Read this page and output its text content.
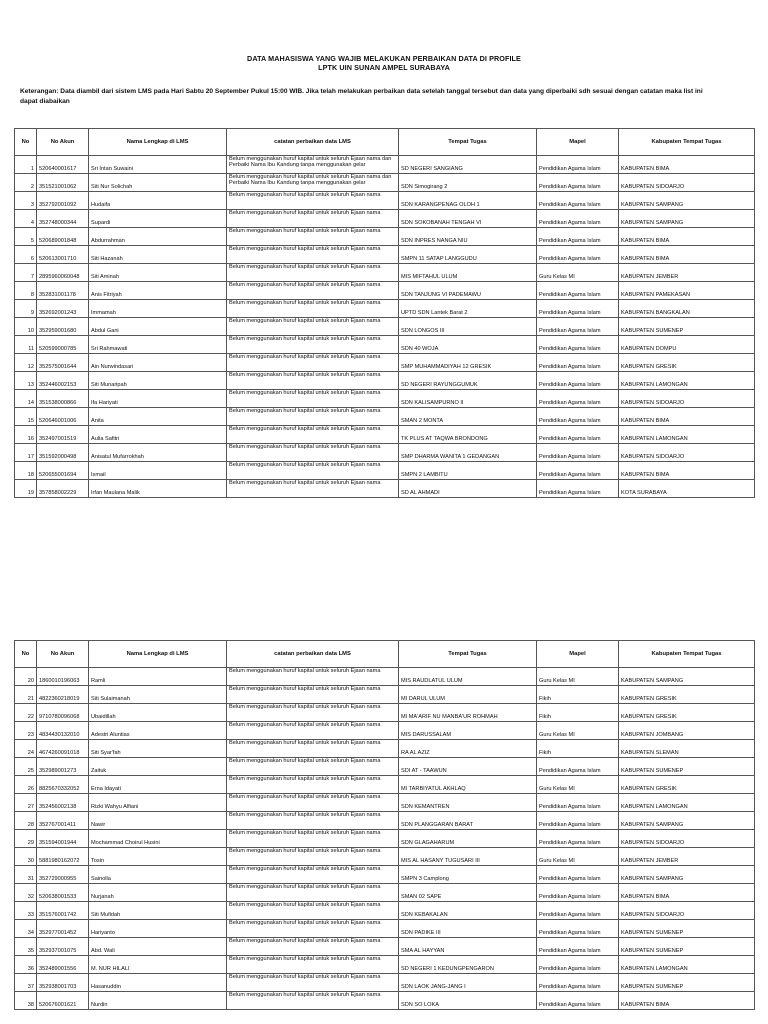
DATA MAHASISWA YANG WAJIB MELAKUKAN PERBAIKAN DATA DI PROFILE
LPTK UIN SUNAN AMPEL SURABAYA
Keterangan: Data diambil dari sistem LMS pada Hari Sabtu 20 September Pukul 15:00 WIB. Jika telah melakukan perbaikan data setelah tanggal tersebut dan data yang diperbaiki sdh sesuai dengan catatan maka list ini dapat diabaikan
No	No Akun	Nama Lengkap di LMS	catatan perbaikan data LMS	Tempat Tugas	Mapel	Kabupaten Tempat Tugas
1	520640001617	Sri Intan Suwaini	Belum menggunakan huruf kapital untuk seluruh Ejaan nama dan Perbaiki Nama Ibu Kandung tanpa menggunakan gelar	SD NEGERI SANGIANG	Pendidikan Agama Islam	KABUPATEN BIMA
2	351521001062	Siti Nur Solichah	Belum menggunakan huruf kapital untuk seluruh Ejaan nama dan Perbaiki Nama Ibu Kandung tanpa menggunakan gelar	SDN Simogirang 2	Pendidikan Agama Islam	KABUPATEN SIDOARJO
3	352792001092	Hudaifa	Belum menggunakan huruf kapital untuk seluruh Ejaan nama	SDN KARANGPENAG OLOH 1	Pendidikan Agama Islam	KABUPATEN SAMPANG
4	352748000344	Supardi	Belum menggunakan huruf kapital untuk seluruh Ejaan nama	SDN SOKOBANAH TENGAH VI	Pendidikan Agama Islam	KABUPATEN SAMPANG
5	520689001848	Abdurrahman	Belum menggunakan huruf kapital untuk seluruh Ejaan nama	SDN INPRES NANGA NIU	Pendidikan Agama Islam	KABUPATEN BIMA
6	520613001710	Siti Hazanah	Belum menggunakan huruf kapital untuk seluruh Ejaan nama	SMPN 11 SATAP LANGGUDU	Pendidikan Agama Islam	KABUPATEN BIMA
7	2895960060048	Siti Aminah	Belum menggunakan huruf kapital untuk seluruh Ejaan nama	MIS MIFTAHUL ULUM	Guru Kelas MI	KABUPATEN JEMBER
8	352831001178	Anis Fitriyah	Belum menggunakan huruf kapital untuk seluruh Ejaan nama	SDN TANJUNG VI PADEMAWU	Pendidikan Agama Islam	KABUPATEN PAMEKASAN
9	352692001243	Immamah	Belum menggunakan huruf kapital untuk seluruh Ejaan nama	UPTD SDN Lantek Barat 2	Pendidikan Agama Islam	KABUPATEN BANGKALAN
10	352959001680	Abdul Gani	Belum menggunakan huruf kapital untuk seluruh Ejaan nama	SDN LONGOS III	Pendidikan Agama Islam	KABUPATEN SUMENEP
11	520599000785	Sri Rahmawati	Belum menggunakan huruf kapital untuk seluruh Ejaan nama	SDN 40 WOJA	Pendidikan Agama Islam	KABUPATEN DOMPU
12	352575001644	Ain Nurwindasari	Belum menggunakan huruf kapital untuk seluruh Ejaan nama	SMP MUHAMMADIYAH 12 GRESIK	Pendidikan Agama Islam	KABUPATEN GRESIK
13	352446002153	Siti Munaripah	Belum menggunakan huruf kapital untuk seluruh Ejaan nama	SD NEGERI RAYUNGGUMUK	Pendidikan Agama Islam	KABUPATEN LAMONGAN
14	351538000866	Ifa Hariyati	Belum menggunakan huruf kapital untuk seluruh Ejaan nama	SDN KALISAMPURNO II	Pendidikan Agama Islam	KABUPATEN SIDOARJO
15	520646001006	Anita	Belum menggunakan huruf kapital untuk seluruh Ejaan nama	SMAN 2 MONTA	Pendidikan Agama Islam	KABUPATEN BIMA
16	352497001519	Aulia Safitri	Belum menggunakan huruf kapital untuk seluruh Ejaan nama	TK PLUS AT TAQWA BRONDONG	Pendidikan Agama Islam	KABUPATEN LAMONGAN
17	351592000498	Anisatul Mufarrokhah	Belum menggunakan huruf kapital untuk seluruh Ejaan nama	SMP DHARMA WANITA 1 GEDANGAN	Pendidikan Agama Islam	KABUPATEN SIDOARJO
18	520655001694	Ismail	Belum menggunakan huruf kapital untuk seluruh Ejaan nama	SMPN 2 LAMBITU	Pendidikan Agama Islam	KABUPATEN BIMA
19	357858002229	Irfan Maulana Malik	Belum menggunakan huruf kapital untuk seluruh Ejaan nama	SD AL AHMADI	Pendidikan Agama Islam	KOTA SURABAYA
No	No Akun	Nama Lengkap di LMS	catatan perbaikan data LMS	Tempat Tugas	Mapel	Kabupaten Tempat Tugas
20	1860010196063	Ramli	Belum menggunakan huruf kapital untuk seluruh Ejaan nama	MIS RAUDLATUL ULUM	Guru Kelas MI	KABUPATEN SAMPANG
21	4822360218019	Siti Sulaimanah	Belum menggunakan huruf kapital untuk seluruh Ejaan nama	MI DARUL ULUM	Fikih	KABUPATEN GRESIK
22	9710780096068	Ubaidillah	Belum menggunakan huruf kapital untuk seluruh Ejaan nama	MI MA'ARIF NU MANBA'UR ROHMAH	Fikih	KABUPATEN GRESIK
23	4834430132010	Adestri Aluntias	Belum menggunakan huruf kapital untuk seluruh Ejaan nama	MIS DARUSSALAM	Guru Kelas MI	KABUPATEN JOMBANG
24	4674260091018	Siti Syar'fah	Belum menggunakan huruf kapital untuk seluruh Ejaan nama	RA AL AZIZ	Fikih	KABUPATEN SLEMAN
25	352989001273	Zaituk	Belum menggunakan huruf kapital untuk seluruh Ejaan nama	SDI AT - TAAWUN	Pendidikan Agama Islam	KABUPATEN SUMENEP
26	8825670332052	Erna Idayati	Belum menggunakan huruf kapital untuk seluruh Ejaan nama	MI TARBIYATUL AKHLAQ	Guru Kelas MI	KABUPATEN GRESIK
27	352456002138	Rizki Wahyu Alfiani	Belum menggunakan huruf kapital untuk seluruh Ejaan nama	SDN KEMANTREN	Pendidikan Agama Islam	KABUPATEN LAMONGAN
28	352767001411	Nawir	Belum menggunakan huruf kapital untuk seluruh Ejaan nama	SDN PLANGGARAN BARAT	Pendidikan Agama Islam	KABUPATEN SAMPANG
29	351594001944	Mochammad Choirul Husini	Belum menggunakan huruf kapital untuk seluruh Ejaan nama	SDN GLAGAHARUM	Pendidikan Agama Islam	KABUPATEN SIDOARJO
30	5881980162072	Tosin	Belum menggunakan huruf kapital untuk seluruh Ejaan nama	MIS AL HASANY TUGUSARI III	Guru Kelas MI	KABUPATEN JEMBER
31	352729000955	Sainolla	Belum menggunakan huruf kapital untuk seluruh Ejaan nama	SMPN 3 Camplong	Pendidikan Agama Islam	KABUPATEN SAMPANG
32	520638001533	Nurjanah	Belum menggunakan huruf kapital untuk seluruh Ejaan nama	SMAN 02 SAPE	Pendidikan Agama Islam	KABUPATEN BIMA
33	351576001742	Siti Mufidah	Belum menggunakan huruf kapital untuk seluruh Ejaan nama	SDN KEBAKALAN	Pendidikan Agama Islam	KABUPATEN SIDOARJO
34	352977001452	Hariyanto	Belum menggunakan huruf kapital untuk seluruh Ejaan nama	SDN PADIKE III	Pendidikan Agama Islam	KABUPATEN SUMENEP
35	352937001075	Abd. Wali	Belum menggunakan huruf kapital untuk seluruh Ejaan nama	SMA AL HAYYAN	Pendidikan Agama Islam	KABUPATEN SUMENEP
36	352489001556	M. NUR HILALI	Belum menggunakan huruf kapital untuk seluruh Ejaan nama	SD NEGERI 1 KEDUNGPENGARON	Pendidikan Agama Islam	KABUPATEN LAMONGAN
37	352938001703	Hasanuddin	Belum menggunakan huruf kapital untuk seluruh Ejaan nama	SDN LAOK JANG-JANG I	Pendidikan Agama Islam	KABUPATEN SUMENEP
38	520676001621	Nurdin	Belum menggunakan huruf kapital untuk seluruh Ejaan nama	SDN SO LOKA	Pendidikan Agama Islam	KABUPATEN BIMA
